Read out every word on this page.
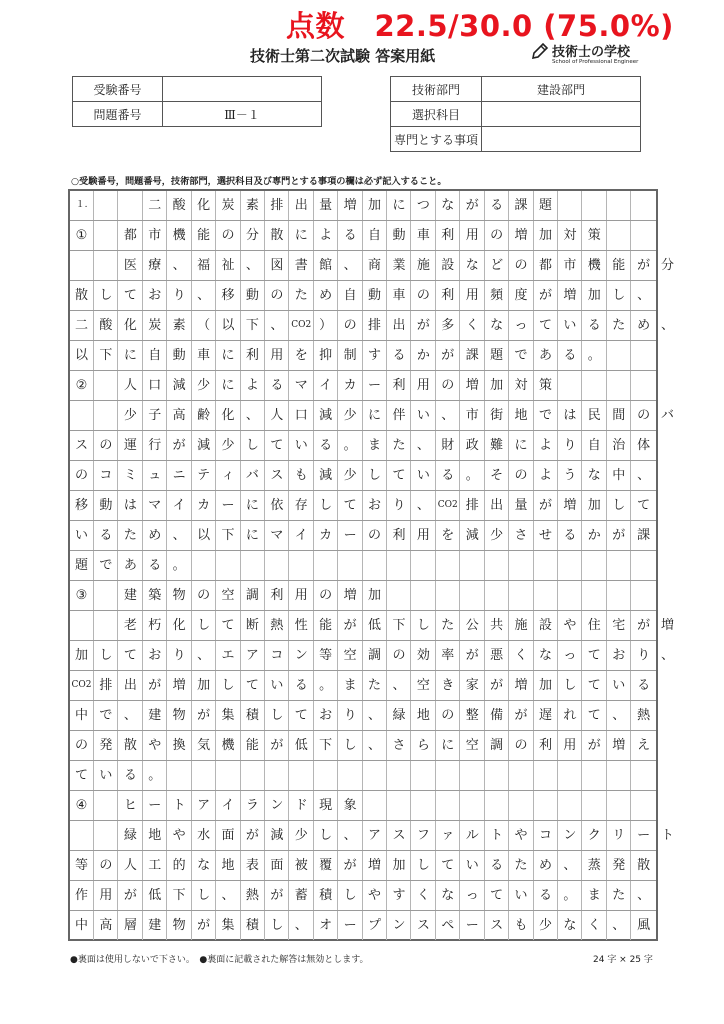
点数　22.5/30.0 (75.0%)
技術士第二次試験 答案用紙	技術士の学校
School of Professional Engineer
受験番号	
問題番号	Ⅲ－１
技術部門	建設部門
選択科目	
専門とする事項	
○受験番号，問題番号，技術部門，選択科目及び専門とする事項の欄は必ず記入すること。
１.	二 酸 化 炭 素 排 出 量 増 加 に つ な が る 課 題
①	都 市 機 能 の 分 散 に よ る 自 動 車 利 用 の 増 加 対 策
医 療 、 福 祉 、 図 書 館 、 商 業 施 設 な ど の 都 市 機 能 が
散 し て お り 、 移 動 の た め 自 動 車 の 利 用 頻 度 が 増 加 し 、
二 酸 化 炭 素 （ 以 下 、 CO2 ） の 排 出 が 多 く な っ て い る た め
以 下 に 自 動 車 に 利 用 を 抑 制 す る か が 課 題 で あ る 。
②	人 口 減 少 に よ る マ イ カ ー 利 用 の 増 加 対 策
少 子 高 齢 化 、 人 口 減 少 に 伴 い 、 市 街 地 で は 民 間 の
ス の 運 行 が 減 少 し て い る 。 ま た 、 財 政 難 に よ り 自 治 体
の コ ミ ュ ニ テ ィ バ ス も 減 少 し て い る 。 そ の よ う な 中 、
移 動 は マ イ カ ー に 依 存 し て お り 、 CO2 排 出 量 が 増 加 し て
い る た め 、 以 下 に マ イ カ ー の 利 用 を 減 少 さ せ る か が 課
題 で あ る 。
③	建 築 物 の 空 調 利 用 の 増 加
老 朽 化 し て 断 熱 性 能 が 低 下 し た 公 共 施 設 や 住 宅 が
加 し て お り 、 エ ア コ ン 等 空 調 の 効 率 が 悪 く な っ て お り
CO2 排 出 が 増 加 し て い る 。 ま た 、 空 き 家 が 増 加 し て い る
中 で 、 建 物 が 集 積 し て お り 、 緑 地 の 整 備 が 遅 れ て 、 熱
の 発 散 や 換 気 機 能 が 低 下 し 、 さ ら に 空 調 の 利 用 が 増 え
て い る 。
④	ヒ ー ト ア イ ラ ン ド 現 象
緑 地 や 水 面 が 減 少 し 、 ア ス フ ァ ル ト や コ ン ク リ ー
等 の 人 工 的 な 地 表 面 被 覆 が 増 加 し て い る た め 、 蒸 発 散
作 用 が 低 下 し 、 熱 が 蓄 積 し や す く な っ て い る 。 ま た 、
中 高 層 建 物 が 集 積 し 、 オ ー プ ン ス ペ ー ス も 少 な く 、 風
分
、
バ
増
、
ト
●裏面は使用しないで下さい。　●裏面に記載された解答は無効とします。	24 字 × 25 字
